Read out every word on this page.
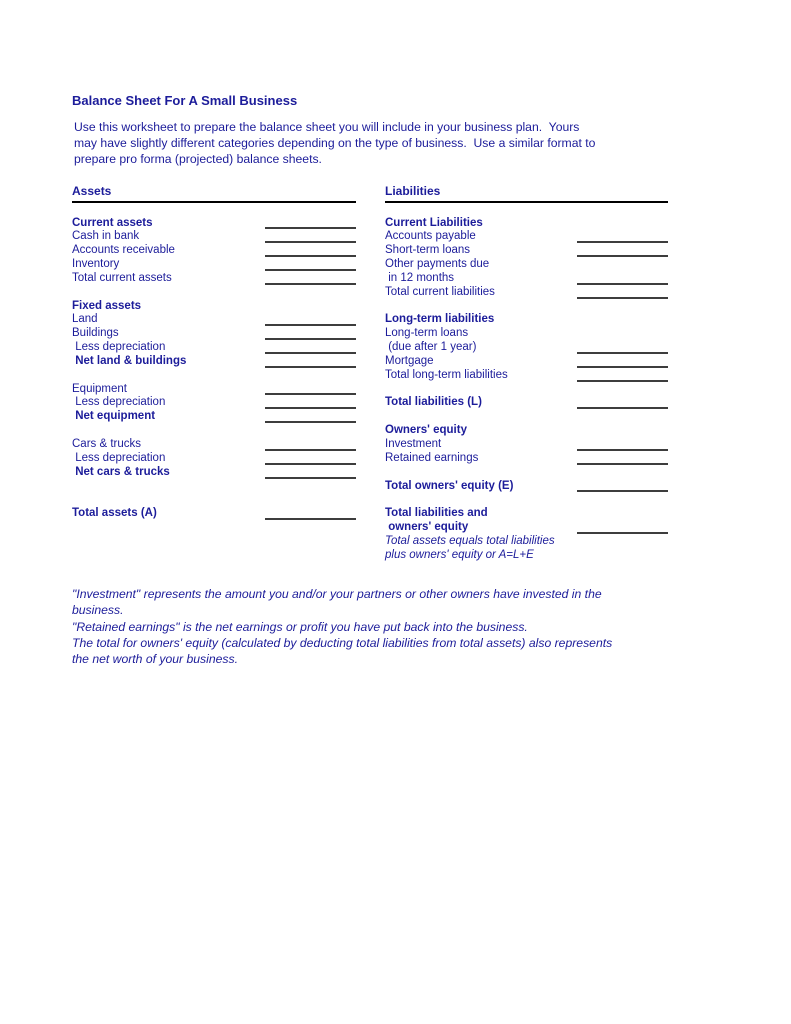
Balance Sheet For A Small Business
Use this worksheet to prepare the balance sheet you will include in your business plan.  Yours
may have slightly different categories depending on the type of business.  Use a similar format to
prepare pro forma (projected) balance sheets.
Assets
Current assets
Cash in bank
Accounts receivable
Inventory
Total current assets
Fixed assets
Land
Buildings
Less depreciation
Net land & buildings
Equipment
Less depreciation
Net equipment
Cars & trucks
Less depreciation
Net cars & trucks
Total assets (A)
Liabilities
Current Liabilities
Accounts payable
Short-term loans
Other payments due
in 12 months
Total current liabilities
Long-term liabilities
Long-term loans
(due after 1 year)
Mortgage
Total long-term liabilities
Total liabilities (L)
Owners' equity
Investment
Retained earnings
Total owners' equity (E)
Total liabilities and
owners' equity
Total assets equals total liabilities
plus owners' equity or A=L+E
"Investment" represents the amount you and/or your partners or other owners have invested in the
business.
"Retained earnings" is the net earnings or profit you have put back into the business.
The total for owners' equity (calculated by deducting total liabilities from total assets) also represents
the net worth of your business.
